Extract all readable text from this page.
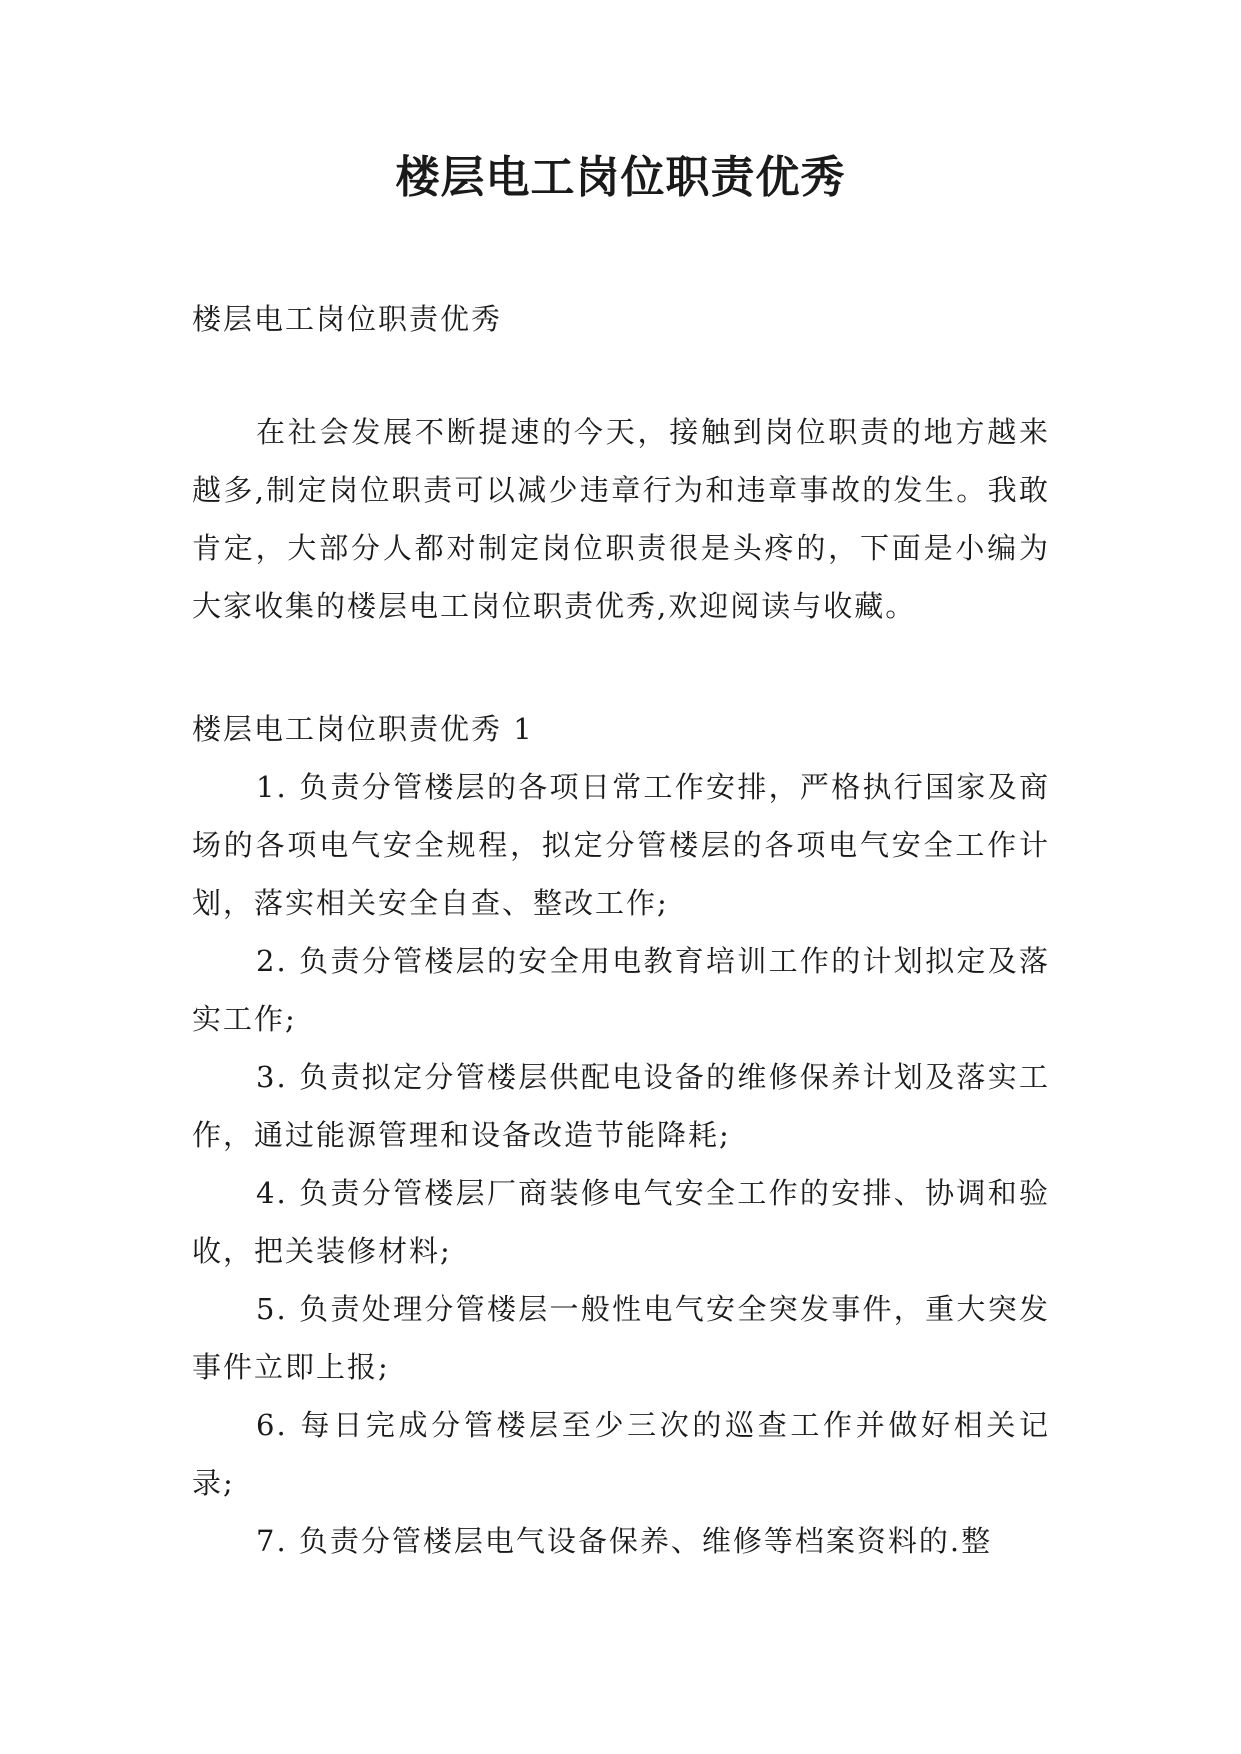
楼层电工岗位职责优秀

楼层电工岗位职责优秀

在社会发展不断提速的今天，接触到岗位职责的地方越来越多,制定岗位职责可以减少违章行为和违章事故的发生。我敢肯定，大部分人都对制定岗位职责很是头疼的，下面是小编为大家收集的楼层电工岗位职责优秀,欢迎阅读与收藏。

楼层电工岗位职责优秀 1

1. 负责分管楼层的各项日常工作安排，严格执行国家及商场的各项电气安全规程，拟定分管楼层的各项电气安全工作计划，落实相关安全自查、整改工作;
2. 负责分管楼层的安全用电教育培训工作的计划拟定及落实工作;
3. 负责拟定分管楼层供配电设备的维修保养计划及落实工作，通过能源管理和设备改造节能降耗;
4. 负责分管楼层厂商装修电气安全工作的安排、协调和验收，把关装修材料;
5. 负责处理分管楼层一般性电气安全突发事件，重大突发事件立即上报;
6. 每日完成分管楼层至少三次的巡查工作并做好相关记录;
7. 负责分管楼层电气设备保养、维修等档案资料的.整
